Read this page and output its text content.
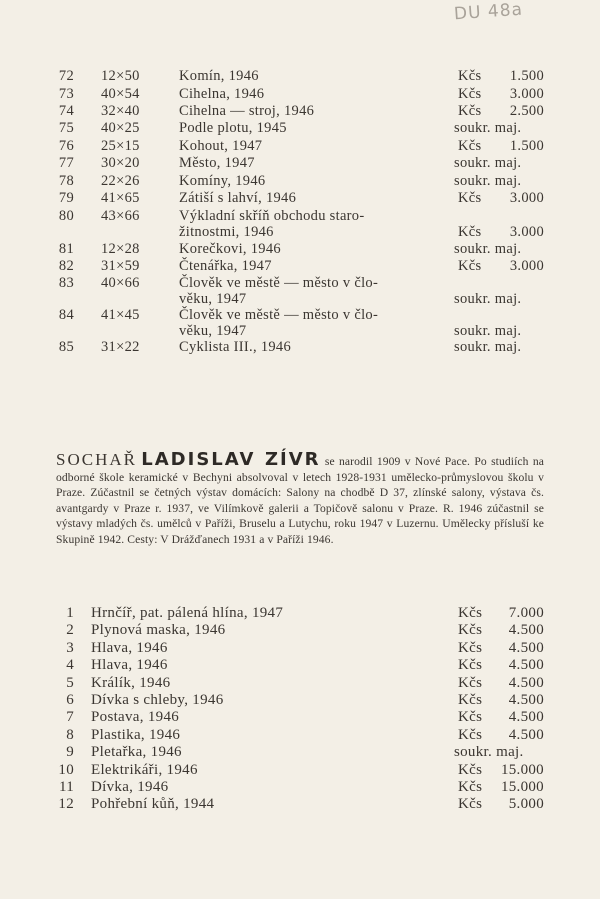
DU 48a
72 12×50	Komín, 1946	Kčs 1.500
73 40×54	Cihelna, 1946	Kčs 3.000
74 32×40	Cihelna — stroj, 1946	Kčs 2.500
75 40×25	Podle plotu, 1945	soukr. maj.
76 25×15	Kohout, 1947	Kčs 1.500
77 30×20	Město, 1947	soukr. maj.
78 22×26	Komíny, 1946	soukr. maj.
79 41×65	Zátiší s lahví, 1946	Kčs 3.000
80 43×66	Výkladní skříň obchodu staro-
žitnostmi, 1946	Kčs 3.000
81 12×28	Korečkovi, 1946	soukr. maj.
82 31×59	Čtenářka, 1947	Kčs 3.000
83 40×66	Člověk ve městě — město v člo-
věku, 1947	soukr. maj.
84 41×45	Člověk ve městě — město v člo-
věku, 1947	soukr. maj.
85 31×22	Cyklista III., 1946	soukr. maj.
SOCHAŘ LADISLAV ZÍVR se narodil 1909 v Nové Pace. Po studiích na odborné škole keramické v Bechyni absolvoval v letech 1928-1931 umělecko-průmyslovou školu v Praze. Zúčastnil se četných výstav domácích: Salony na chodbě D 37, zlínské salony, výstava čs. avantgardy v Praze r. 1937, ve Vilímkově galerii a Topičově salonu v Praze. R. 1946 zúčastnil se výstavy mladých čs. umělců v Paříži, Bruselu a Lutychu, roku 1947 v Luzernu. Umělecky přísluší ke Skupině 1942. Cesty: V Drážďanech 1931 a v Paříži 1946.
1 Hrnčíř, pat. pálená hlína, 1947	Kčs 7.000
2 Plynová maska, 1946	Kčs 4.500
3 Hlava, 1946	Kčs 4.500
4 Hlava, 1946	Kčs 4.500
5 Králík, 1946	Kčs 4.500
6 Dívka s chleby, 1946	Kčs 4.500
7 Postava, 1946	Kčs 4.500
8 Plastika, 1946	Kčs 4.500
9 Pletařka, 1946	soukr. maj.
10 Elektrikáři, 1946	Kčs 15.000
11 Dívka, 1946	Kčs 15.000
12 Pohřební kůň, 1944	Kčs 5.000
